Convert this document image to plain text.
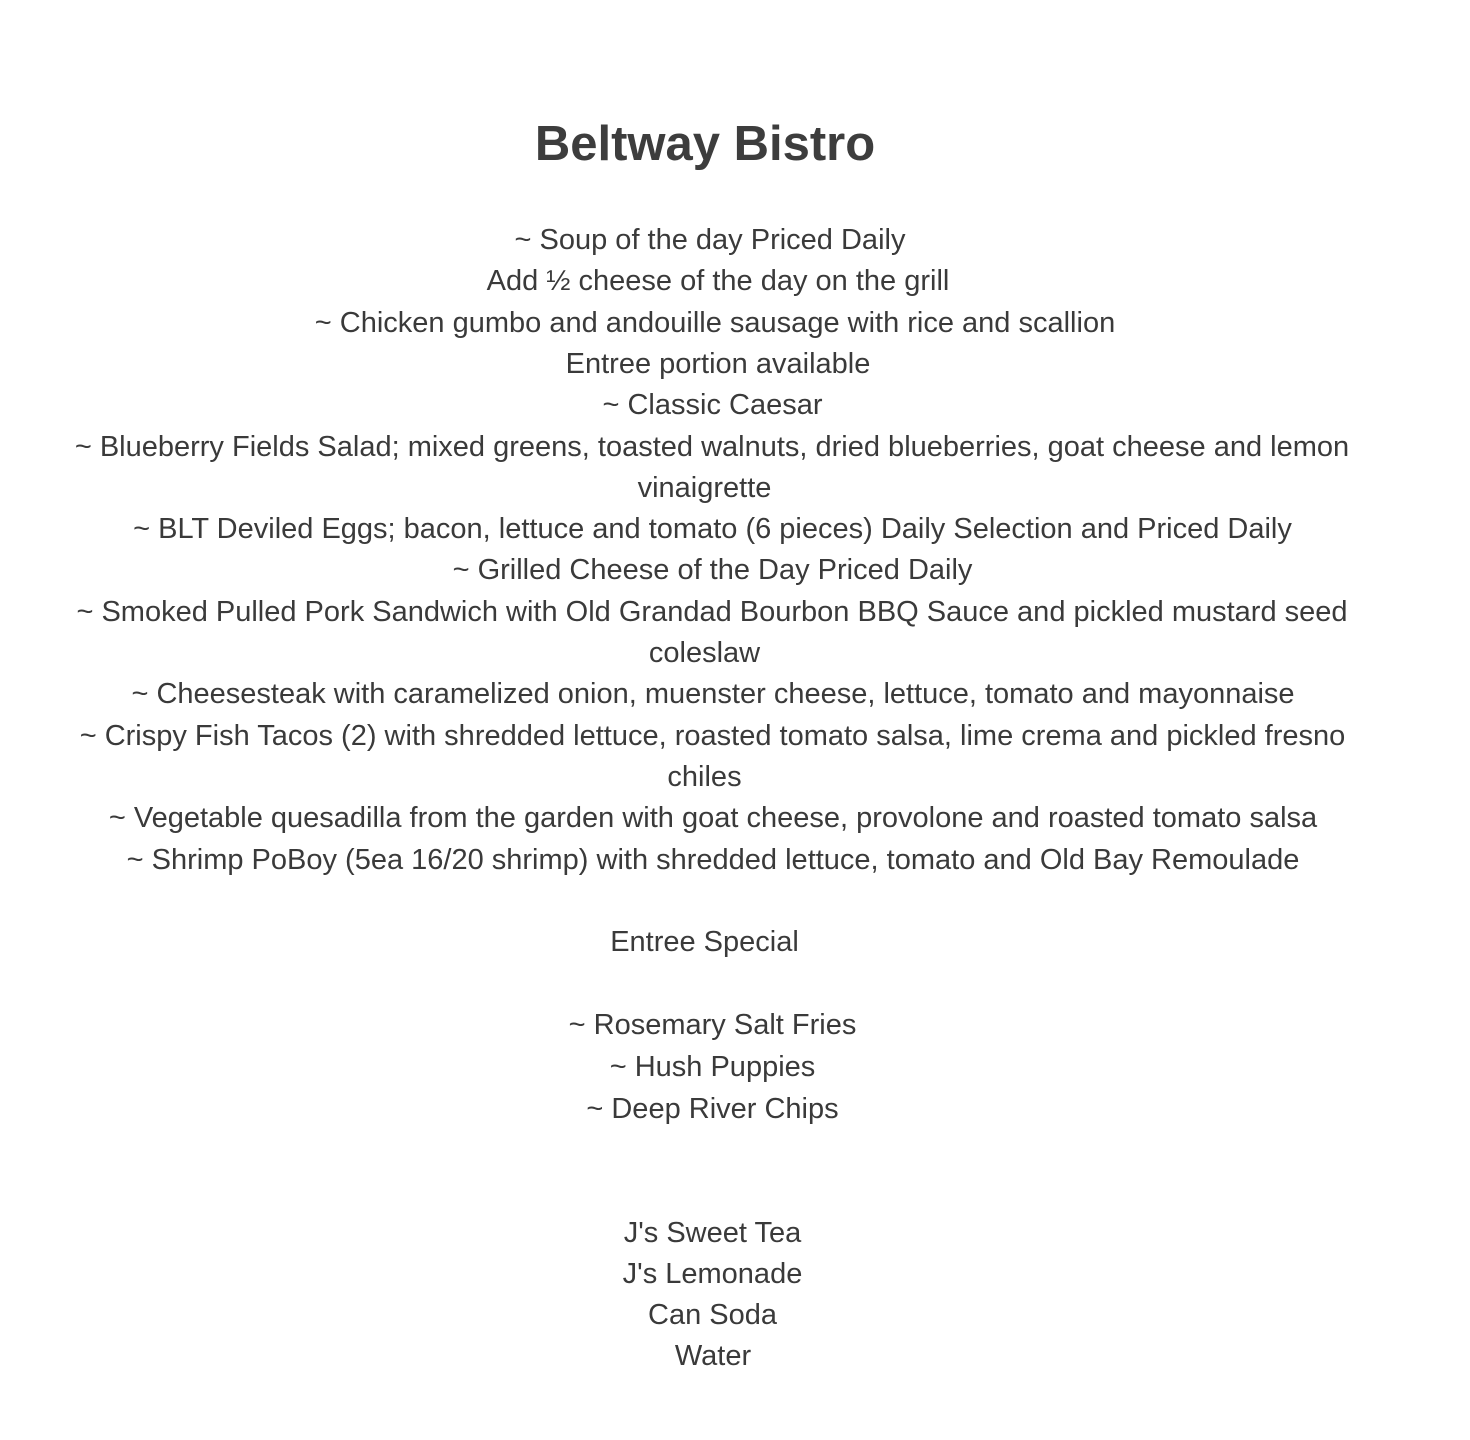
Beltway Bistro
~ Soup of the day Priced Daily
Add ½ cheese of the day on the grill
~ Chicken gumbo and andouille sausage with rice and scallion
Entree portion available
~ Classic Caesar
~ Blueberry Fields Salad; mixed greens, toasted walnuts, dried blueberries, goat cheese and lemon
vinaigrette
~ BLT Deviled Eggs; bacon, lettuce and tomato (6 pieces) Daily Selection and Priced Daily
~ Grilled Cheese of the Day Priced Daily
~ Smoked Pulled Pork Sandwich with Old Grandad Bourbon BBQ Sauce and pickled mustard seed
coleslaw
~ Cheesesteak with caramelized onion, muenster cheese, lettuce, tomato and mayonnaise
~ Crispy Fish Tacos (2) with shredded lettuce, roasted tomato salsa, lime crema and pickled fresno
chiles
~ Vegetable quesadilla from the garden with goat cheese, provolone and roasted tomato salsa
~ Shrimp PoBoy (5ea 16/20 shrimp) with shredded lettuce, tomato and Old Bay Remoulade
Entree Special
~ Rosemary Salt Fries
~ Hush Puppies
~ Deep River Chips
J's Sweet Tea
J's Lemonade
Can Soda
Water
